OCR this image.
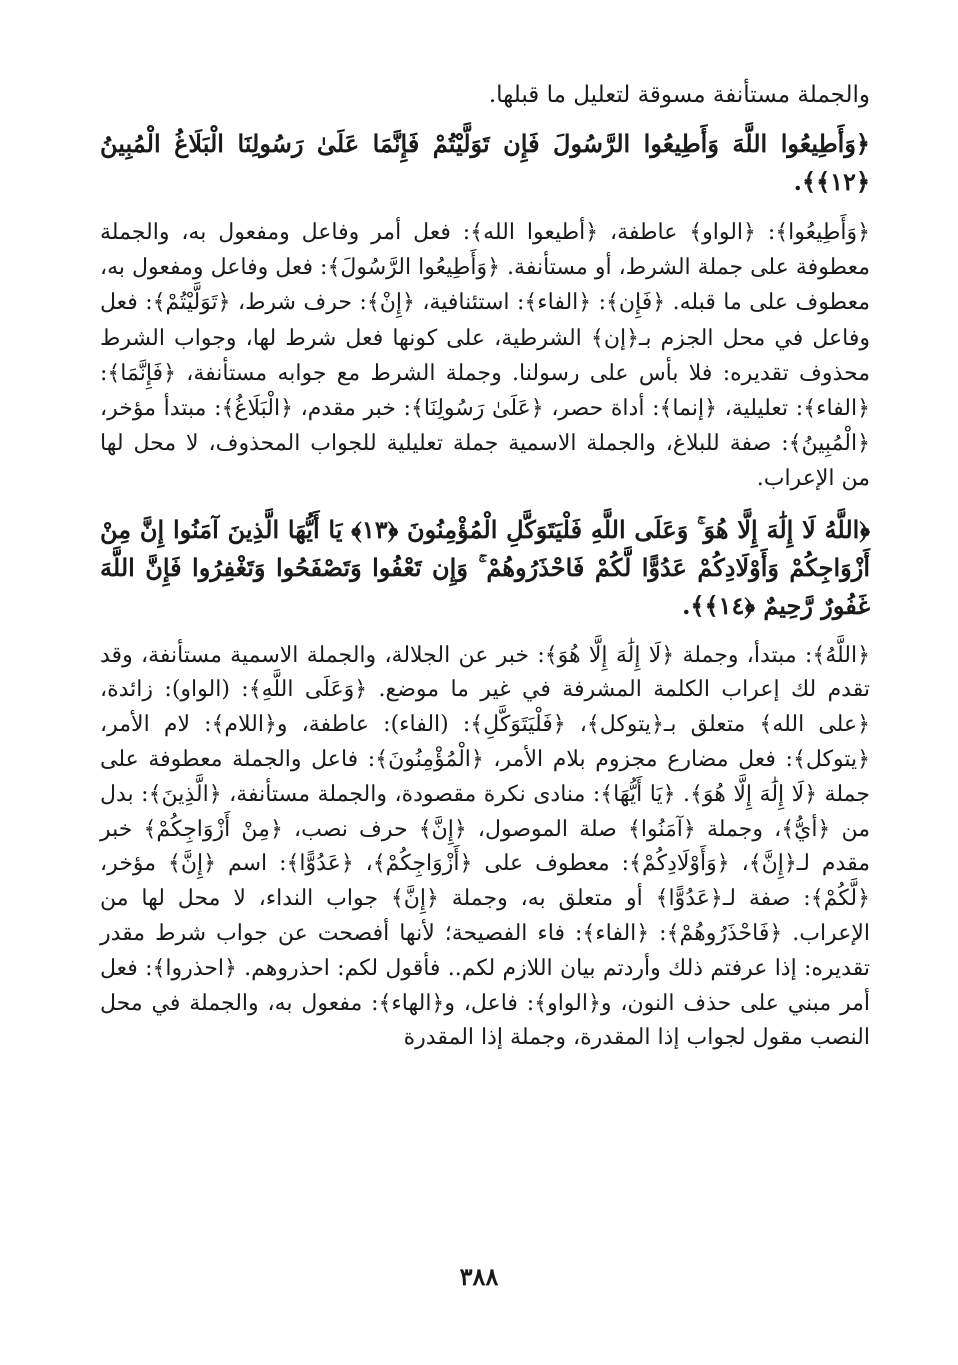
والجملة مستأنفة مسوقة لتعليل ما قبلها.
﴿وَأَطِيعُوا اللَّهَ وَأَطِيعُوا الرَّسُولَ فَإِن تَوَلَّيْتُمْ فَإِنَّمَا عَلَىٰ رَسُولِنَا الْبَلَاغُ الْمُبِينُ ﴿١٢﴾﴾.
﴿وَأَطِيعُوا﴾: ﴿الواو﴾ عاطفة، ﴿أطيعوا الله﴾: فعل أمر وفاعل ومفعول به، والجملة معطوفة على جملة الشرط، أو مستأنفة. ﴿وَأَطِيعُوا الرَّسُولَ﴾: فعل وفاعل ومفعول به، معطوف على ما قبله. ﴿فَإِن﴾: ﴿الفاء﴾: استئنافية، ﴿إِنْ﴾: حرف شرط، ﴿تَوَلَّيْتُمْ﴾: فعل وفاعل في محل الجزم بـ﴿إن﴾ الشرطية، على كونها فعل شرط لها، وجواب الشرط محذوف تقديره: فلا بأس على رسولنا. وجملة الشرط مع جوابه مستأنفة، ﴿فَإِنَّمَا﴾: ﴿الفاء﴾: تعليلية، ﴿إنما﴾: أداة حصر، ﴿عَلَىٰ رَسُولِنَا﴾: خبر مقدم، ﴿الْبَلَاغُ﴾: مبتدأ مؤخر، ﴿الْمُبِينُ﴾: صفة للبلاغ، والجملة الاسمية جملة تعليلية للجواب المحذوف، لا محل لها من الإعراب.
﴿اللَّهُ لَا إِلَٰهَ إِلَّا هُوَ ۚ وَعَلَى اللَّهِ فَلْيَتَوَكَّلِ الْمُؤْمِنُونَ ﴿١٣﴾ يَا أَيُّهَا الَّذِينَ آمَنُوا إِنَّ مِنْ أَزْوَاجِكُمْ وَأَوْلَادِكُمْ عَدُوًّا لَّكُمْ فَاحْذَرُوهُمْ ۚ وَإِن تَعْفُوا وَتَصْفَحُوا وَتَغْفِرُوا فَإِنَّ اللَّهَ غَفُورٌ رَّحِيمٌ ﴿١٤﴾﴾.
﴿اللَّهُ﴾: مبتدأ، وجملة ﴿لَا إِلَٰهَ إِلَّا هُوَ﴾: خبر عن الجلالة، والجملة الاسمية مستأنفة، وقد تقدم لك إعراب الكلمة المشرفة في غير ما موضع. ﴿وَعَلَى اللَّهِ﴾: (الواو): زائدة، ﴿على الله﴾ متعلق بـ﴿يتوكل﴾، ﴿فَلْيَتَوَكَّلِ﴾: (الفاء): عاطفة، و﴿اللام﴾: لام الأمر، ﴿يتوكل﴾: فعل مضارع مجزوم بلام الأمر، ﴿الْمُؤْمِنُونَ﴾: فاعل والجملة معطوفة على جملة ﴿لَا إِلَٰهَ إِلَّا هُوَ﴾. ﴿يَا أَيُّهَا﴾: منادى نكرة مقصودة، والجملة مستأنفة، ﴿الَّذِينَ﴾: بدل من ﴿أيُّ﴾، وجملة ﴿آمَنُوا﴾ صلة الموصول، ﴿إِنَّ﴾ حرف نصب، ﴿مِنْ أَزْوَاجِكُمْ﴾ خبر مقدم لـ﴿إِنَّ﴾، ﴿وَأَوْلَادِكُمْ﴾: معطوف على ﴿أَزْوَاجِكُمْ﴾، ﴿عَدُوًّا﴾: اسم ﴿إِنَّ﴾ مؤخر، ﴿لَّكُمْ﴾: صفة لـ﴿عَدُوًّا﴾ أو متعلق به، وجملة ﴿إِنَّ﴾ جواب النداء، لا محل لها من الإعراب. ﴿فَاحْذَرُوهُمْ﴾: ﴿الفاء﴾: فاء الفصيحة؛ لأنها أفصحت عن جواب شرط مقدر تقديره: إذا عرفتم ذلك وأردتم بيان اللازم لكم.. فأقول لكم: احذروهم. ﴿احذروا﴾: فعل أمر مبني على حذف النون، و﴿الواو﴾: فاعل، و﴿الهاء﴾: مفعول به، والجملة في محل النصب مقول لجواب إذا المقدرة، وجملة إذا المقدرة
٣٨٨
